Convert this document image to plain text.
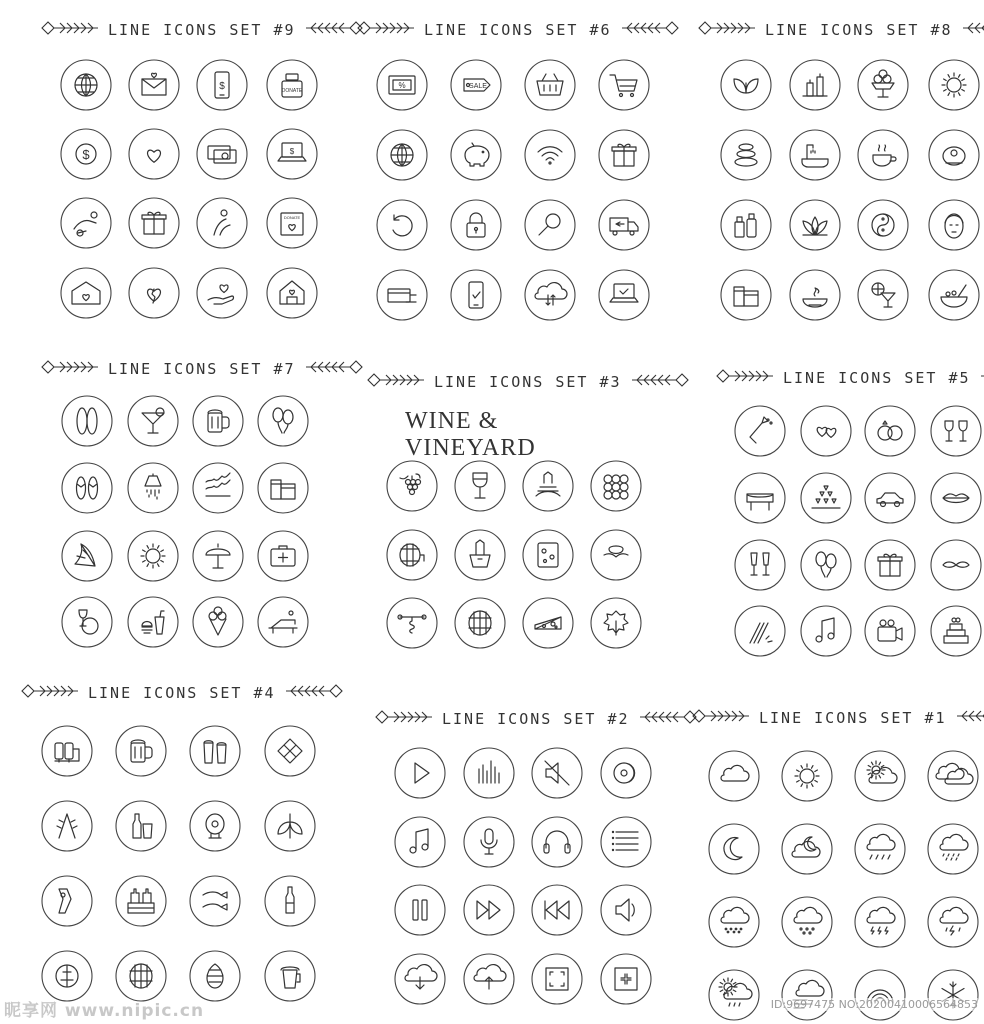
LINE ICONS SET #9
$	DONATE
$	$
DONATE
LINE ICONS SET #6
%	SALE
LINE ICONS SET #8
LINE ICONS SET #7
LINE ICONS SET #3
WINE & VINEYARD
LINE ICONS SET #5
LINE ICONS SET #4
LINE ICONS SET #2	LINE ICONS SET #1
昵享网 www.nipic.cn	ID:9697475 NO:20200410006564853
